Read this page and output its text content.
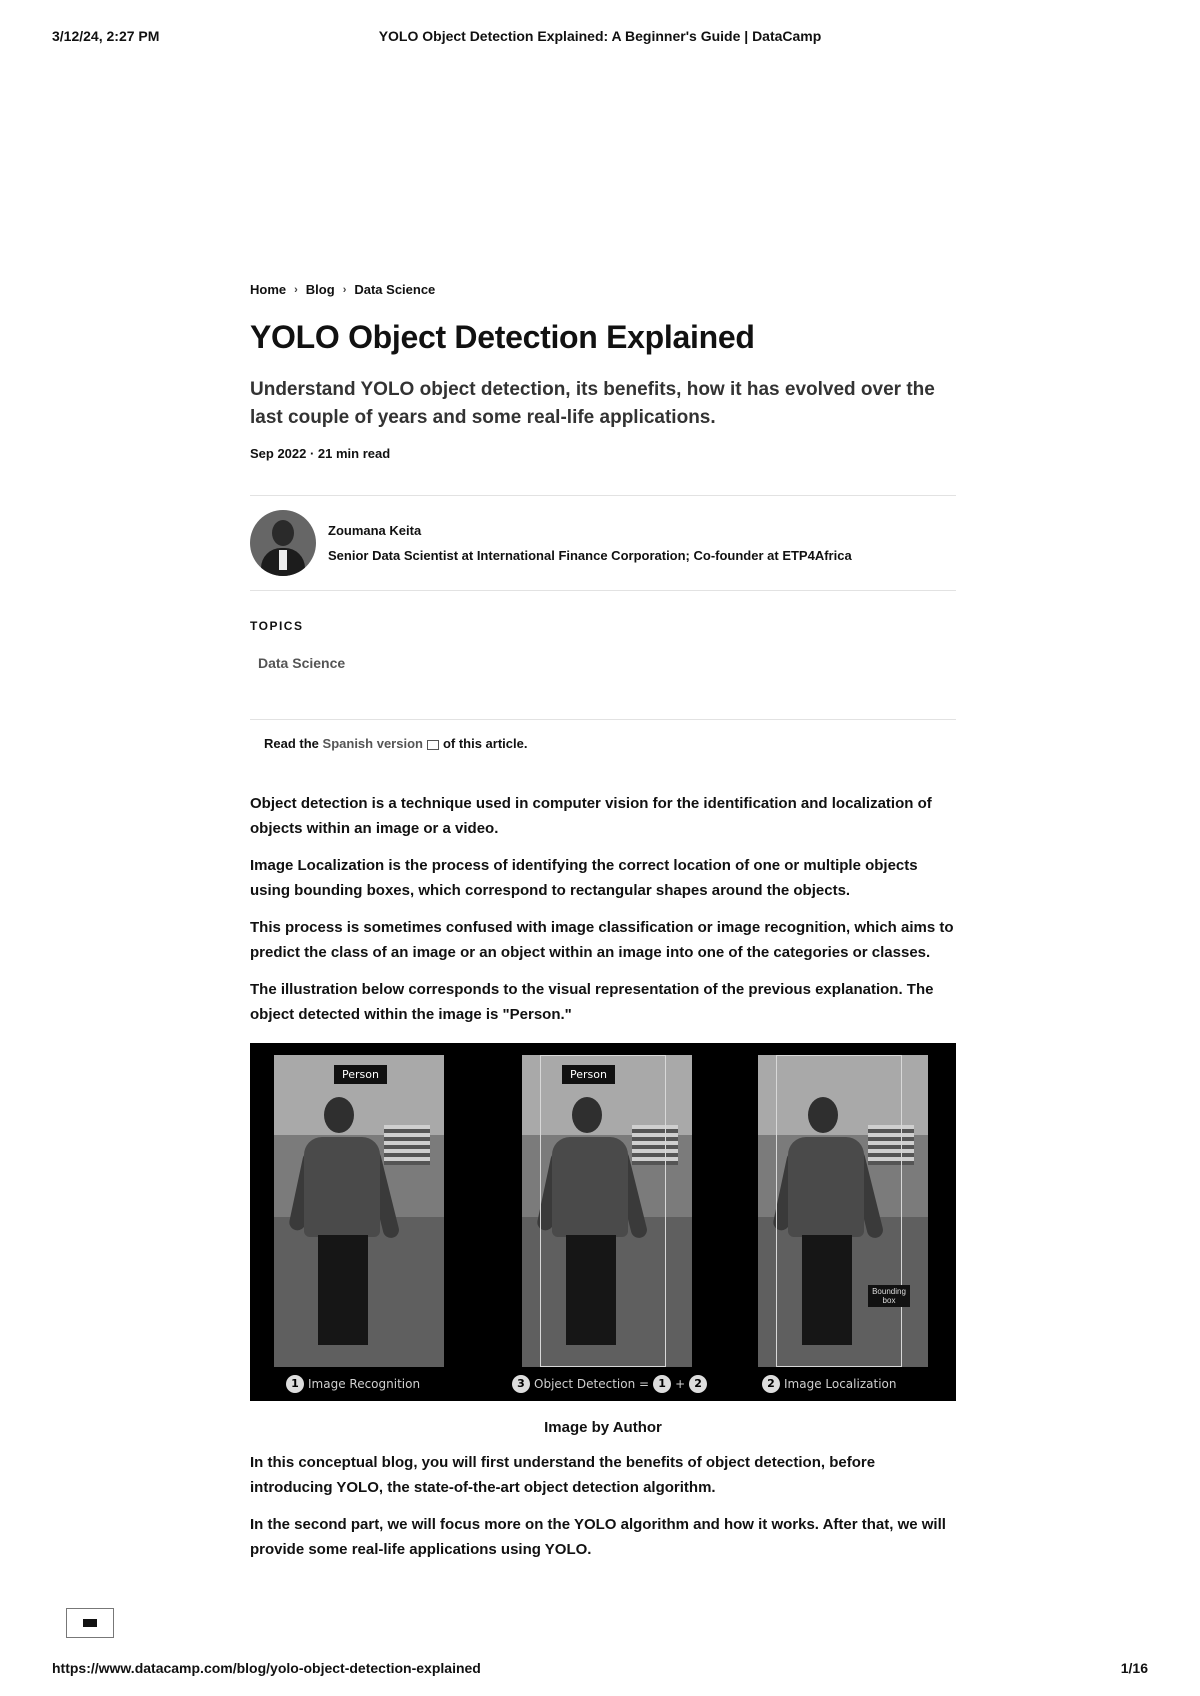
3/12/24, 2:27 PM	YOLO Object Detection Explained: A Beginner's Guide | DataCamp
Home › Blog › Data Science
YOLO Object Detection Explained
Understand YOLO object detection, its benefits, how it has evolved over the last couple of years and some real-life applications.
Sep 2022 · 21 min read
Zoumana Keita
Senior Data Scientist at International Finance Corporation; Co-founder at ETP4Africa
TOPICS
Data Science
Read the Spanish version of this article.

Object detection is a technique used in computer vision for the identification and localization of objects within an image or a video.

Image Localization is the process of identifying the correct location of one or multiple objects using bounding boxes, which correspond to rectangular shapes around the objects.

This process is sometimes confused with image classification or image recognition, which aims to predict the class of an image or an object within an image into one of the categories or classes.

The illustration below corresponds to the visual representation of the previous explanation. The object detected within the image is "Person."

Person	Person
Bounding box
1 Image Recognition	3 Object Detection = 1 + 2	2 Image Localization
Image by Author

In this conceptual blog, you will first understand the benefits of object detection, before introducing YOLO, the state-of-the-art object detection algorithm.

In the second part, we will focus more on the YOLO algorithm and how it works. After that, we will provide some real-life applications using YOLO.

https://www.datacamp.com/blog/yolo-object-detection-explained	1/16
